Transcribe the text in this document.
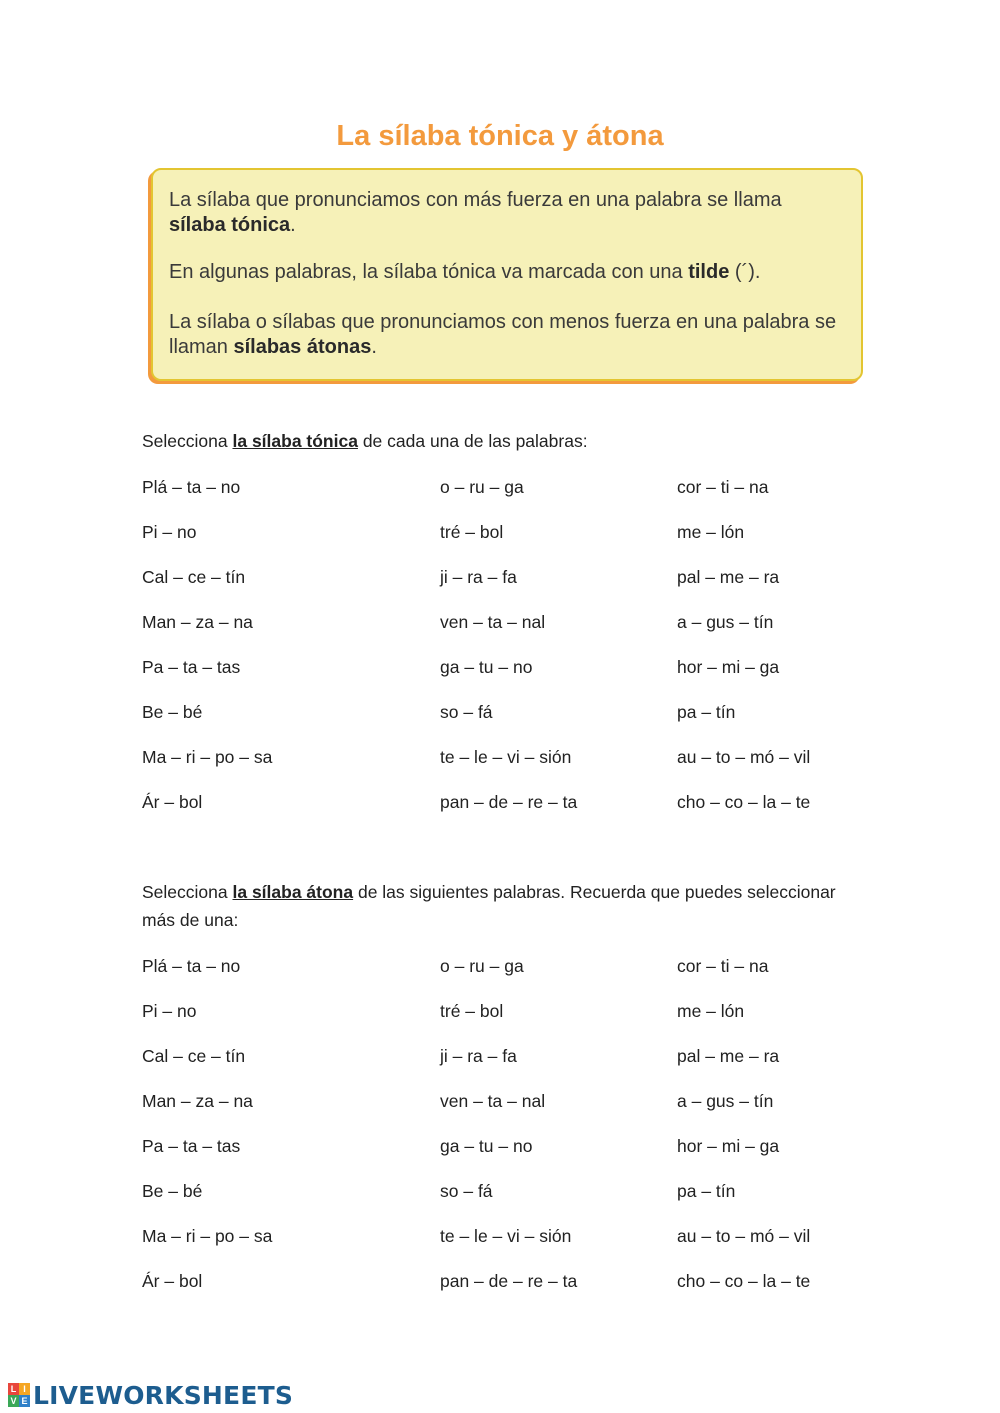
La sílaba tónica y átona

La sílaba que pronunciamos con más fuerza en una palabra se llama sílaba tónica.

En algunas palabras, la sílaba tónica va marcada con una tilde (´).

La sílaba o sílabas que pronunciamos con menos fuerza en una palabra se llaman sílabas átonas.

Selecciona la sílaba tónica de cada una de las palabras:

Plá – ta – no	o – ru – ga	cor – ti – na
Pi – no	tré – bol	me – lón
Cal – ce – tín	ji – ra – fa	pal – me – ra
Man – za – na	ven – ta – nal	a – gus – tín
Pa – ta – tas	ga – tu – no	hor – mi – ga
Be – bé	so – fá	pa – tín
Ma – ri – po – sa	te – le – vi – sión	au – to – mó – vil
Ár – bol	pan – de – re – ta	cho – co – la – te

Selecciona la sílaba átona de las siguientes palabras. Recuerda que puedes seleccionar más de una:

Plá – ta – no	o – ru – ga	cor – ti – na
Pi – no	tré – bol	me – lón
Cal – ce – tín	ji – ra – fa	pal – me – ra
Man – za – na	ven – ta – nal	a – gus – tín
Pa – ta – tas	ga – tu – no	hor – mi – ga
Be – bé	so – fá	pa – tín
Ma – ri – po – sa	te – le – vi – sión	au – to – mó – vil
Ár – bol	pan – de – re – ta	cho – co – la – te
L I
V E LIVEWORKSHEETS
